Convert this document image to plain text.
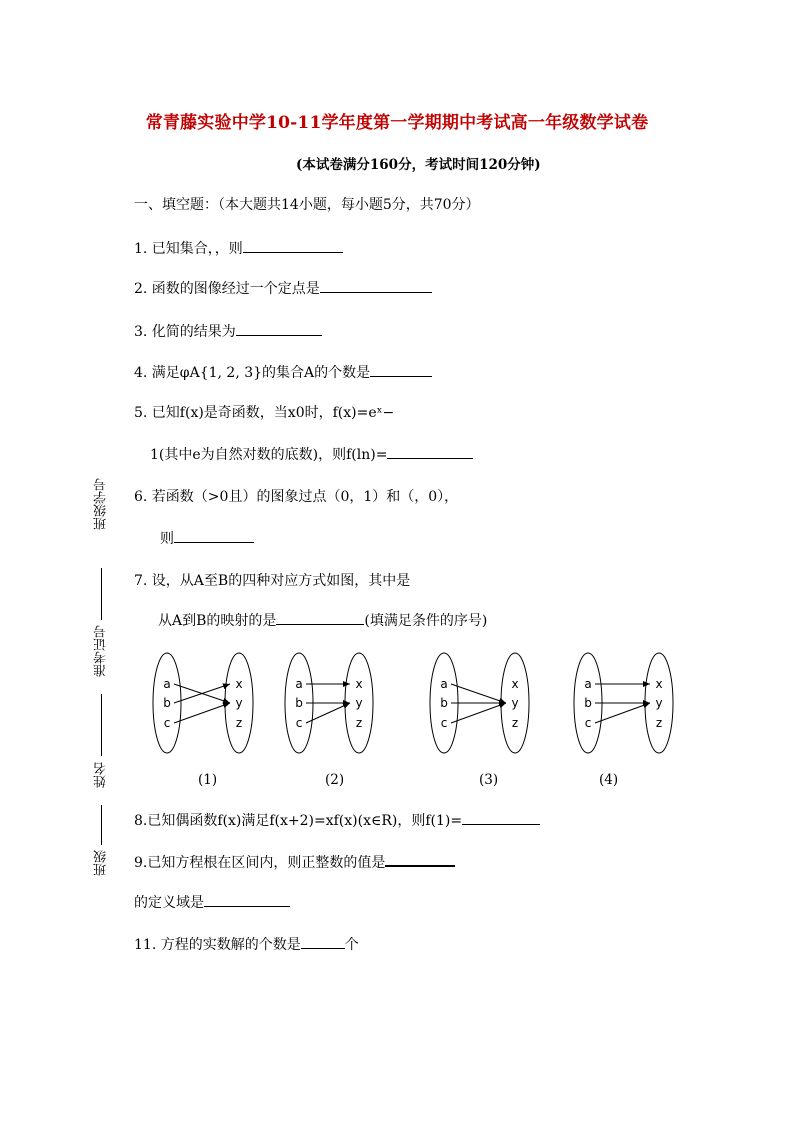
常青藤实验中学10-11学年度第一学期期中考试高一年级数学试卷
(本试卷满分160分，考试时间120分钟)
一、填空题：（本大题共14小题，每小题5分，共70分）
1. 已知集合，，则
2. 函数的图像经过一个定点是
3. 化简的结果为
4. 满足φA{1, 2, 3}的集合A的个数是
5. 已知f(x)是奇函数，当x0时，f(x)=eˣ−
1(其中e为自然对数的底数)，则f(ln)=
6. 若函数（>0且）的图象过点（0，1）和（，0），
则
7. 设，从A至B的四种对应方式如图，其中是
从A到B的映射的是	(填满足条件的序号)
a
b
c
x
y
z
a
b
c
x
y
z
a
b
c
x
y
z
a
b
c
x
y
z
(1)	(2)	(3)	(4)
8.已知偶函数f(x)满足f(x+2)=xf(x)(x∈R)，则f(1)=
9.已知方程根在区间内，则正整数的值是
的定义域是
11. 方程的实数解的个数是	个
班级学号
准考证号
姓名
班级
